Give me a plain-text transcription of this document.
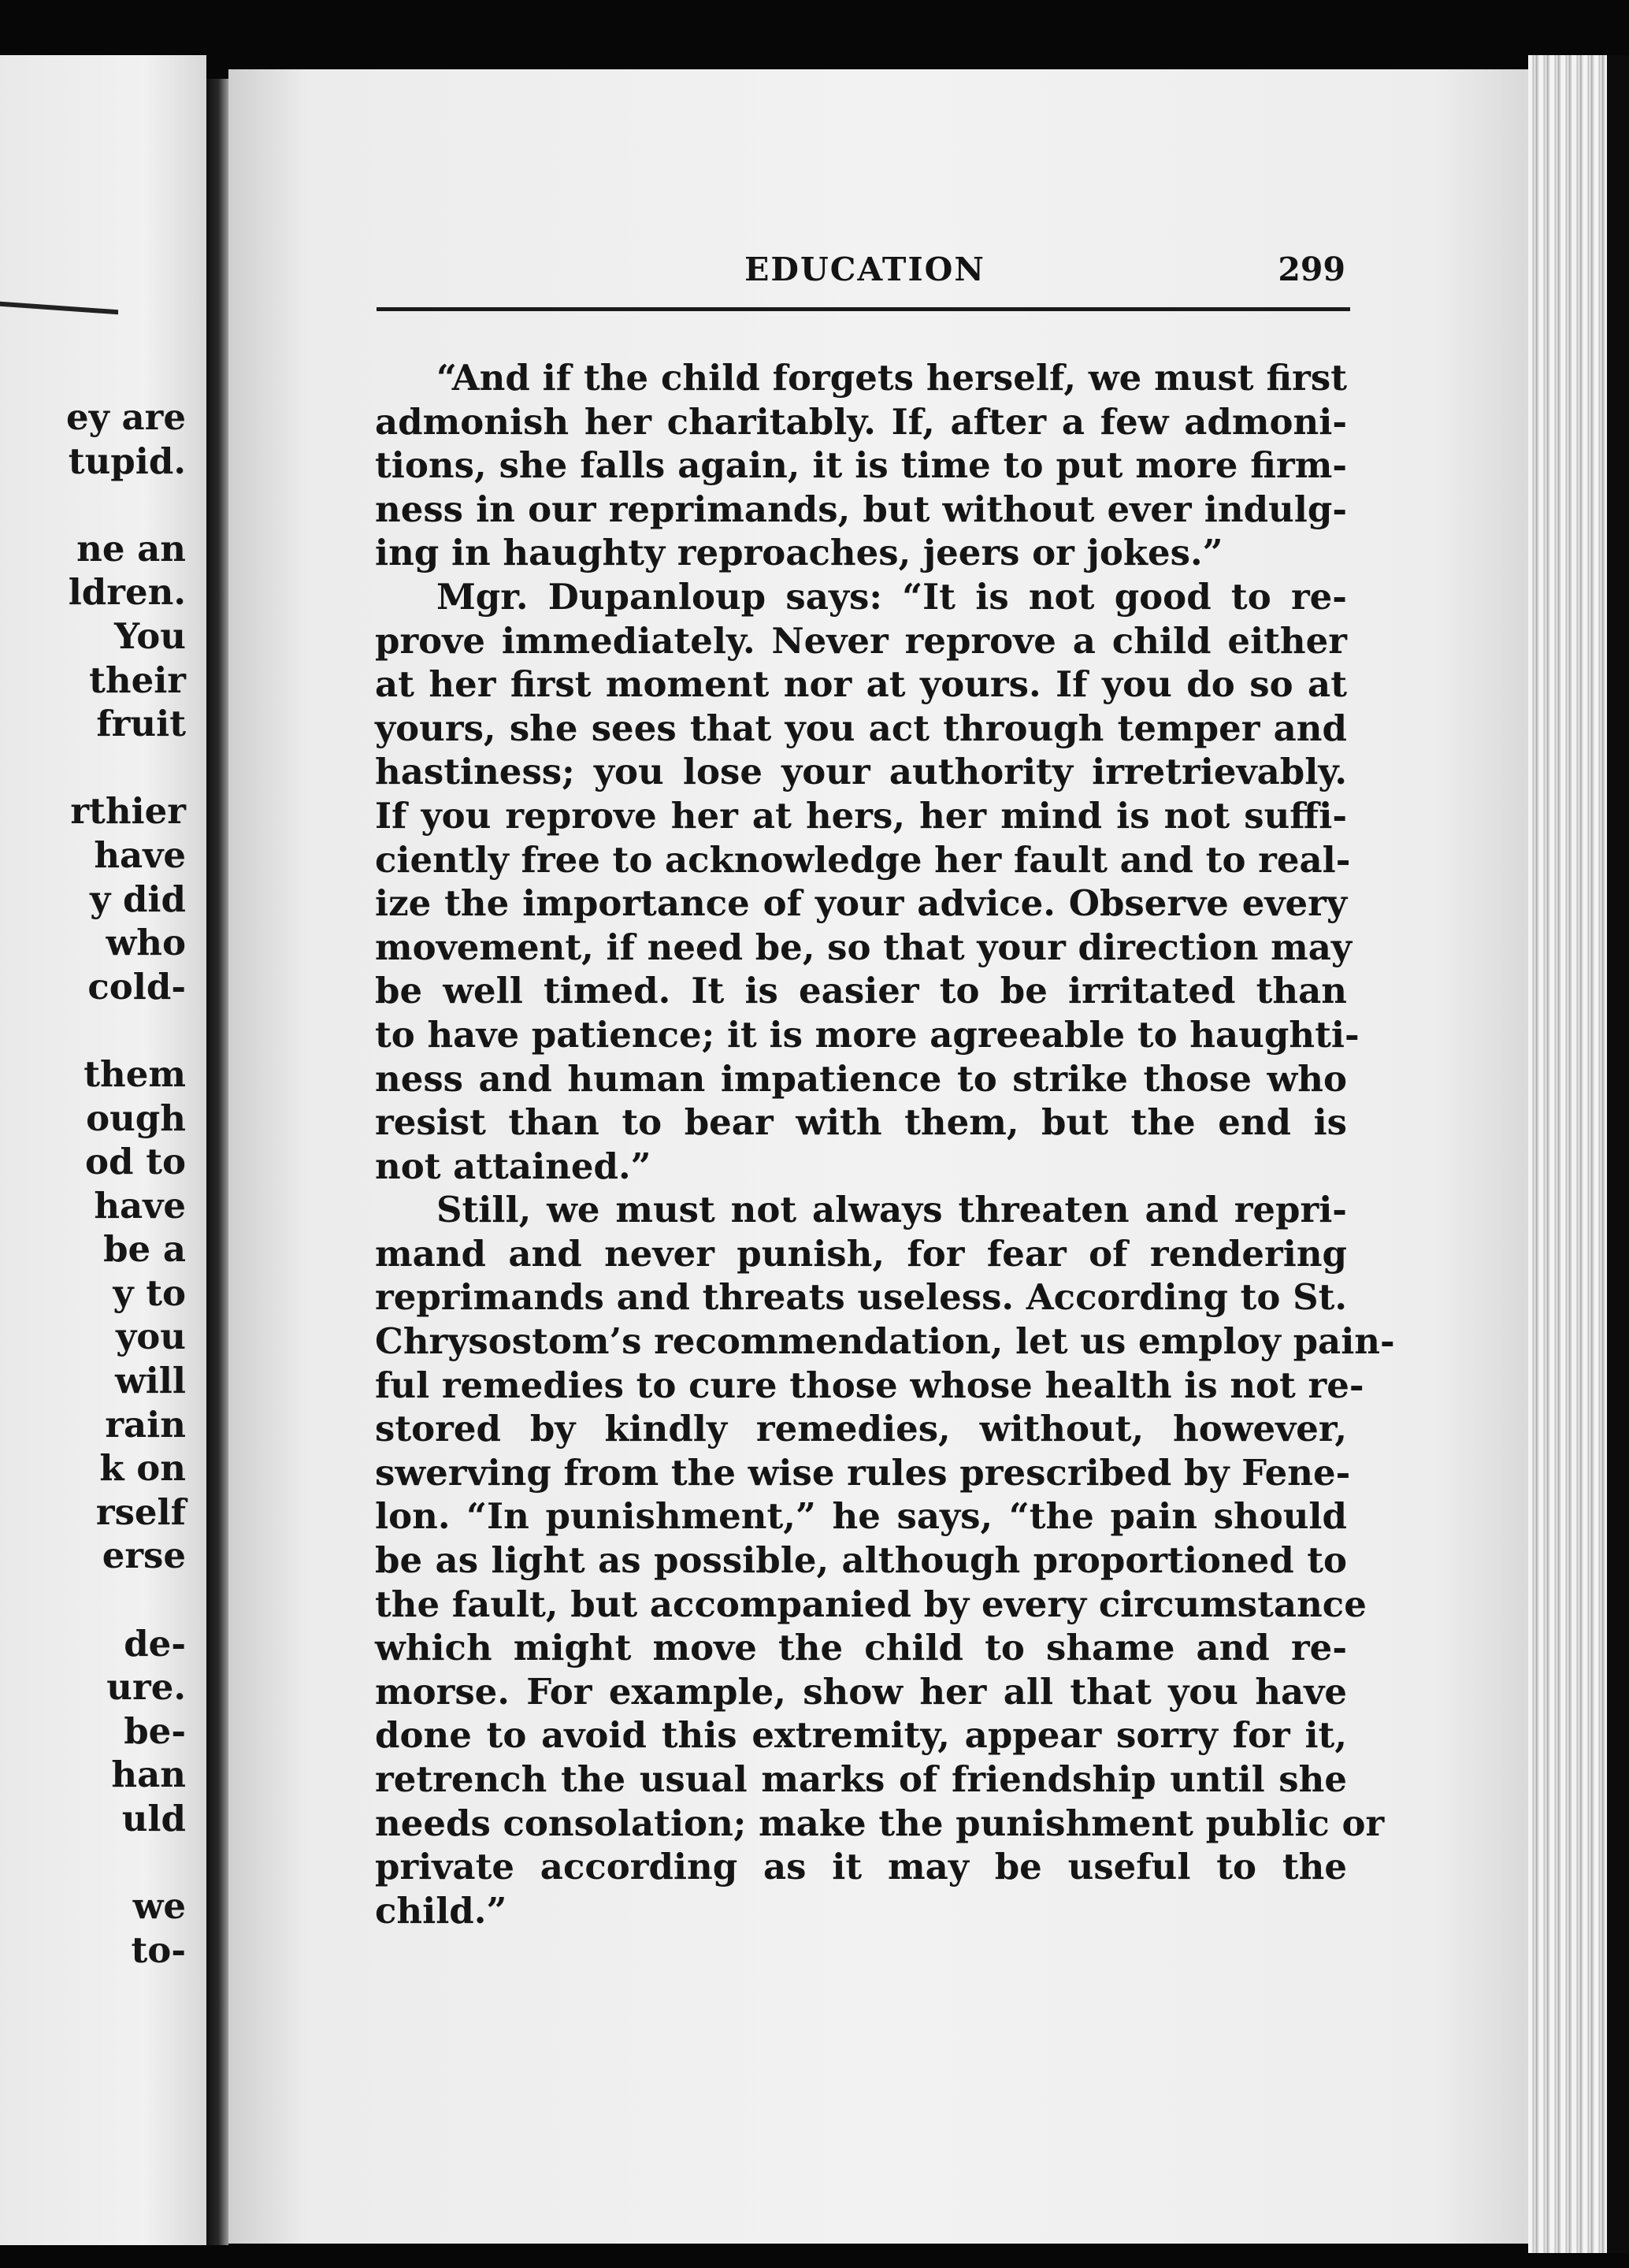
ey are
tupid.
ne an
ldren.
You
their
fruit
rthier
have
y did
who
cold-
them
ough
od to
have
be a
y to
you
will
rain
k on
rself
erse
de-
ure.
be-
han
uld
we
to-
EDUCATION	299
“And if the child forgets herself, we must first
admonish her charitably. If, after a few admoni-
tions, she falls again, it is time to put more firm-
ness in our reprimands, but without ever indulg-
ing in haughty reproaches, jeers or jokes.”
Mgr. Dupanloup says: “It is not good to re-
prove immediately. Never reprove a child either
at her first moment nor at yours. If you do so at
yours, she sees that you act through temper and
hastiness; you lose your authority irretrievably.
If you reprove her at hers, her mind is not suffi-
ciently free to acknowledge her fault and to real-
ize the importance of your advice. Observe every
movement, if need be, so that your direction may
be well timed. It is easier to be irritated than
to have patience; it is more agreeable to haughti-
ness and human impatience to strike those who
resist than to bear with them, but the end is
not attained.”
Still, we must not always threaten and repri-
mand and never punish, for fear of rendering
reprimands and threats useless. According to St.
Chrysostom’s recommendation, let us employ pain-
ful remedies to cure those whose health is not re-
stored by kindly remedies, without, however,
swerving from the wise rules prescribed by Fene-
lon. “In punishment,” he says, “the pain should
be as light as possible, although proportioned to
the fault, but accompanied by every circumstance
which might move the child to shame and re-
morse. For example, show her all that you have
done to avoid this extremity, appear sorry for it,
retrench the usual marks of friendship until she
needs consolation; make the punishment public or
private according as it may be useful to the
child.”
